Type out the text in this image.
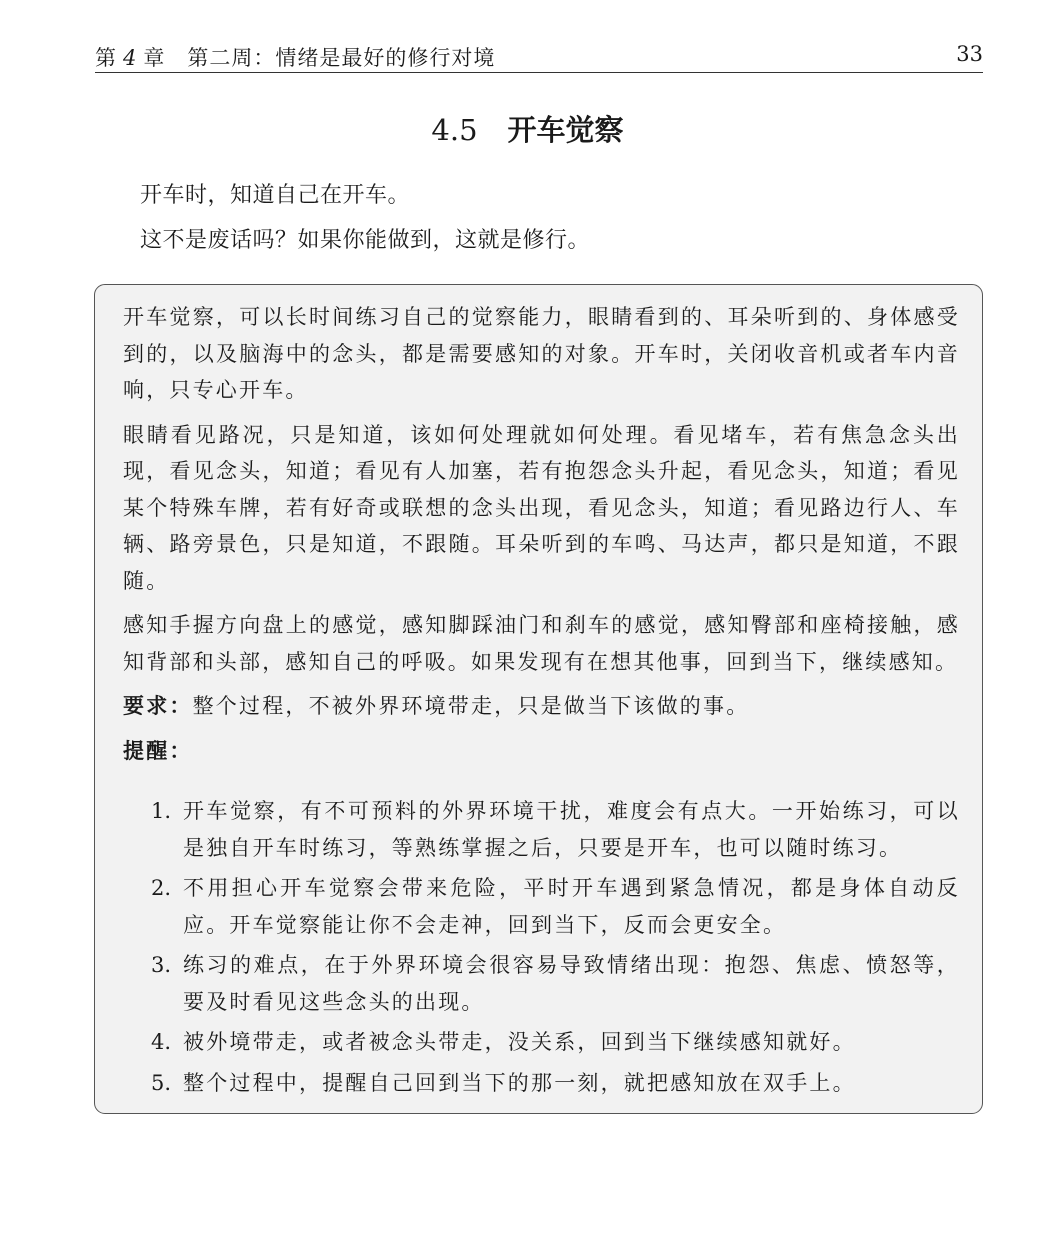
第 4 章 第二周：情绪是最好的修行对境	33
4.5 开车觉察

开车时，知道自己在开车。

这不是废话吗？如果你能做到，这就是修行。

开车觉察，可以长时间练习自己的觉察能力，眼睛看到的、耳朵听到的、身体感受到的，以及脑海中的念头，都是需要感知的对象。开车时，关闭收音机或者车内音响，只专心开车。

眼睛看见路况，只是知道，该如何处理就如何处理。看见堵车，若有焦急念头出现，看见念头，知道；看见有人加塞，若有抱怨念头升起，看见念头，知道；看见某个特殊车牌，若有好奇或联想的念头出现，看见念头，知道；看见路边行人、车辆、路旁景色，只是知道，不跟随。耳朵听到的车鸣、马达声，都只是知道，不跟随。

感知手握方向盘上的感觉，感知脚踩油门和刹车的感觉，感知臀部和座椅接触，感知背部和头部，感知自己的呼吸。如果发现有在想其他事，回到当下，继续感知。

要求：整个过程，不被外界环境带走，只是做当下该做的事。

提醒：

1. 开车觉察，有不可预料的外界环境干扰，难度会有点大。一开始练习，可以是独自开车时练习，等熟练掌握之后，只要是开车，也可以随时练习。
2. 不用担心开车觉察会带来危险，平时开车遇到紧急情况，都是身体自动反应。开车觉察能让你不会走神，回到当下，反而会更安全。
3. 练习的难点，在于外界环境会很容易导致情绪出现：抱怨、焦虑、愤怒等，要及时看见这些念头的出现。
4. 被外境带走，或者被念头带走，没关系，回到当下继续感知就好。
5. 整个过程中，提醒自己回到当下的那一刻，就把感知放在双手上。
